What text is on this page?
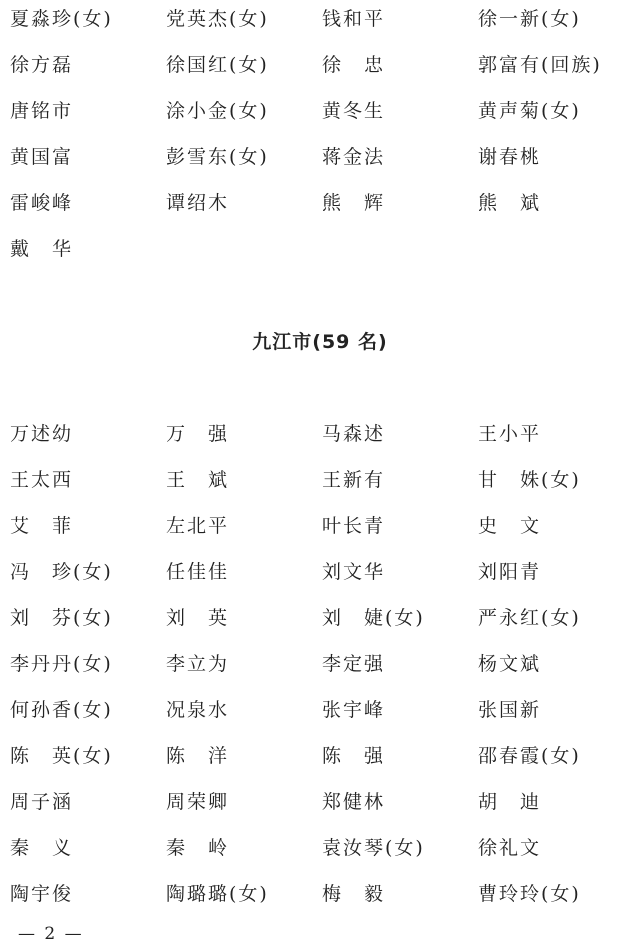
夏淼珍(女)	党英杰(女)	钱和平	徐一新(女)
徐方磊	徐国红(女)	徐　忠	郭富有(回族)
唐铭市	涂小金(女)	黄冬生	黄声菊(女)
黄国富	彭雪东(女)	蒋金法	谢春桃
雷峻峰	谭绍木	熊　辉	熊　斌
戴　华
九江市(59 名)
万述幼	万　强	马森述	王小平
王太西	王　斌	王新有	甘　姝(女)
艾　菲	左北平	叶长青	史　文
冯　珍(女)	任佳佳	刘文华	刘阳青
刘　芬(女)	刘　英	刘　婕(女)	严永红(女)
李丹丹(女)	李立为	李定强	杨文斌
何孙香(女)	况泉水	张宇峰	张国新
陈　英(女)	陈　洋	陈　强	邵春霞(女)
周子涵	周荣卿	郑健林	胡　迪
秦　义	秦　岭	袁汝琴(女)	徐礼文
陶宇俊	陶璐璐(女)	梅　毅	曹玲玲(女)
— 2 —
